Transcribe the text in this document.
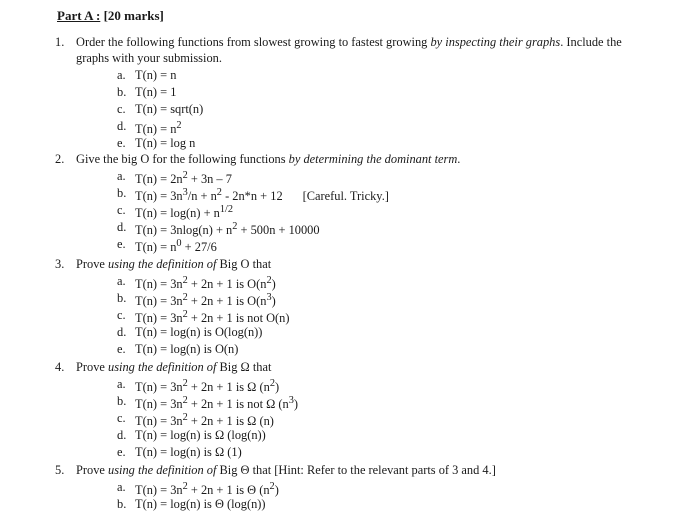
Part A : [20 marks]
1. Order the following functions from slowest growing to fastest growing by inspecting their graphs. Include the graphs with your submission.
a. T(n) = n
b. T(n) = 1
c. T(n) = sqrt(n)
d. $T(n) = n^2$
e. T(n) = log n
2. Give the big O for the following functions by determining the dominant term.
a. $T(n) = 2n^2 + 3n - 7$
b. $T(n) = 3n^3/n + n^2 - 2n*n + 12$ [Careful. Tricky.]
c. $T(n) = \log(n) + n^{1/2}$
d. $T(n) = 3nlog(n) + n^2 + 500n + 10000$
e. $T(n) = n^0 + 27/6$
3. Prove using the definition of Big O that
a. $T(n) = 3n^2 + 2n + 1$ is $O(n^2)$
b. $T(n) = 3n^2 + 2n + 1$ is $O(n^3)$
c. $T(n) = 3n^2 + 2n + 1$ is not O(n)
d. T(n) = log(n) is O(log(n))
e. T(n) = log(n) is O(n)
4. Prove using the definition of Big Ω that
a. $T(n) = 3n^2 + 2n + 1$ is Ω $(n^2)$
b. $T(n) = 3n^2 + 2n + 1$ is not Ω $(n^3)$
c. $T(n) = 3n^2 + 2n + 1$ is Ω (n)
d. T(n) = log(n) is Ω (log(n))
e. T(n) = log(n) is Ω (1)
5. Prove using the definition of Big Θ that [Hint: Refer to the relevant parts of 3 and 4.]
a. $T(n) = 3n^2 + 2n + 1$ is Θ $(n^2)$
b. T(n) = log(n) is Θ (log(n))
